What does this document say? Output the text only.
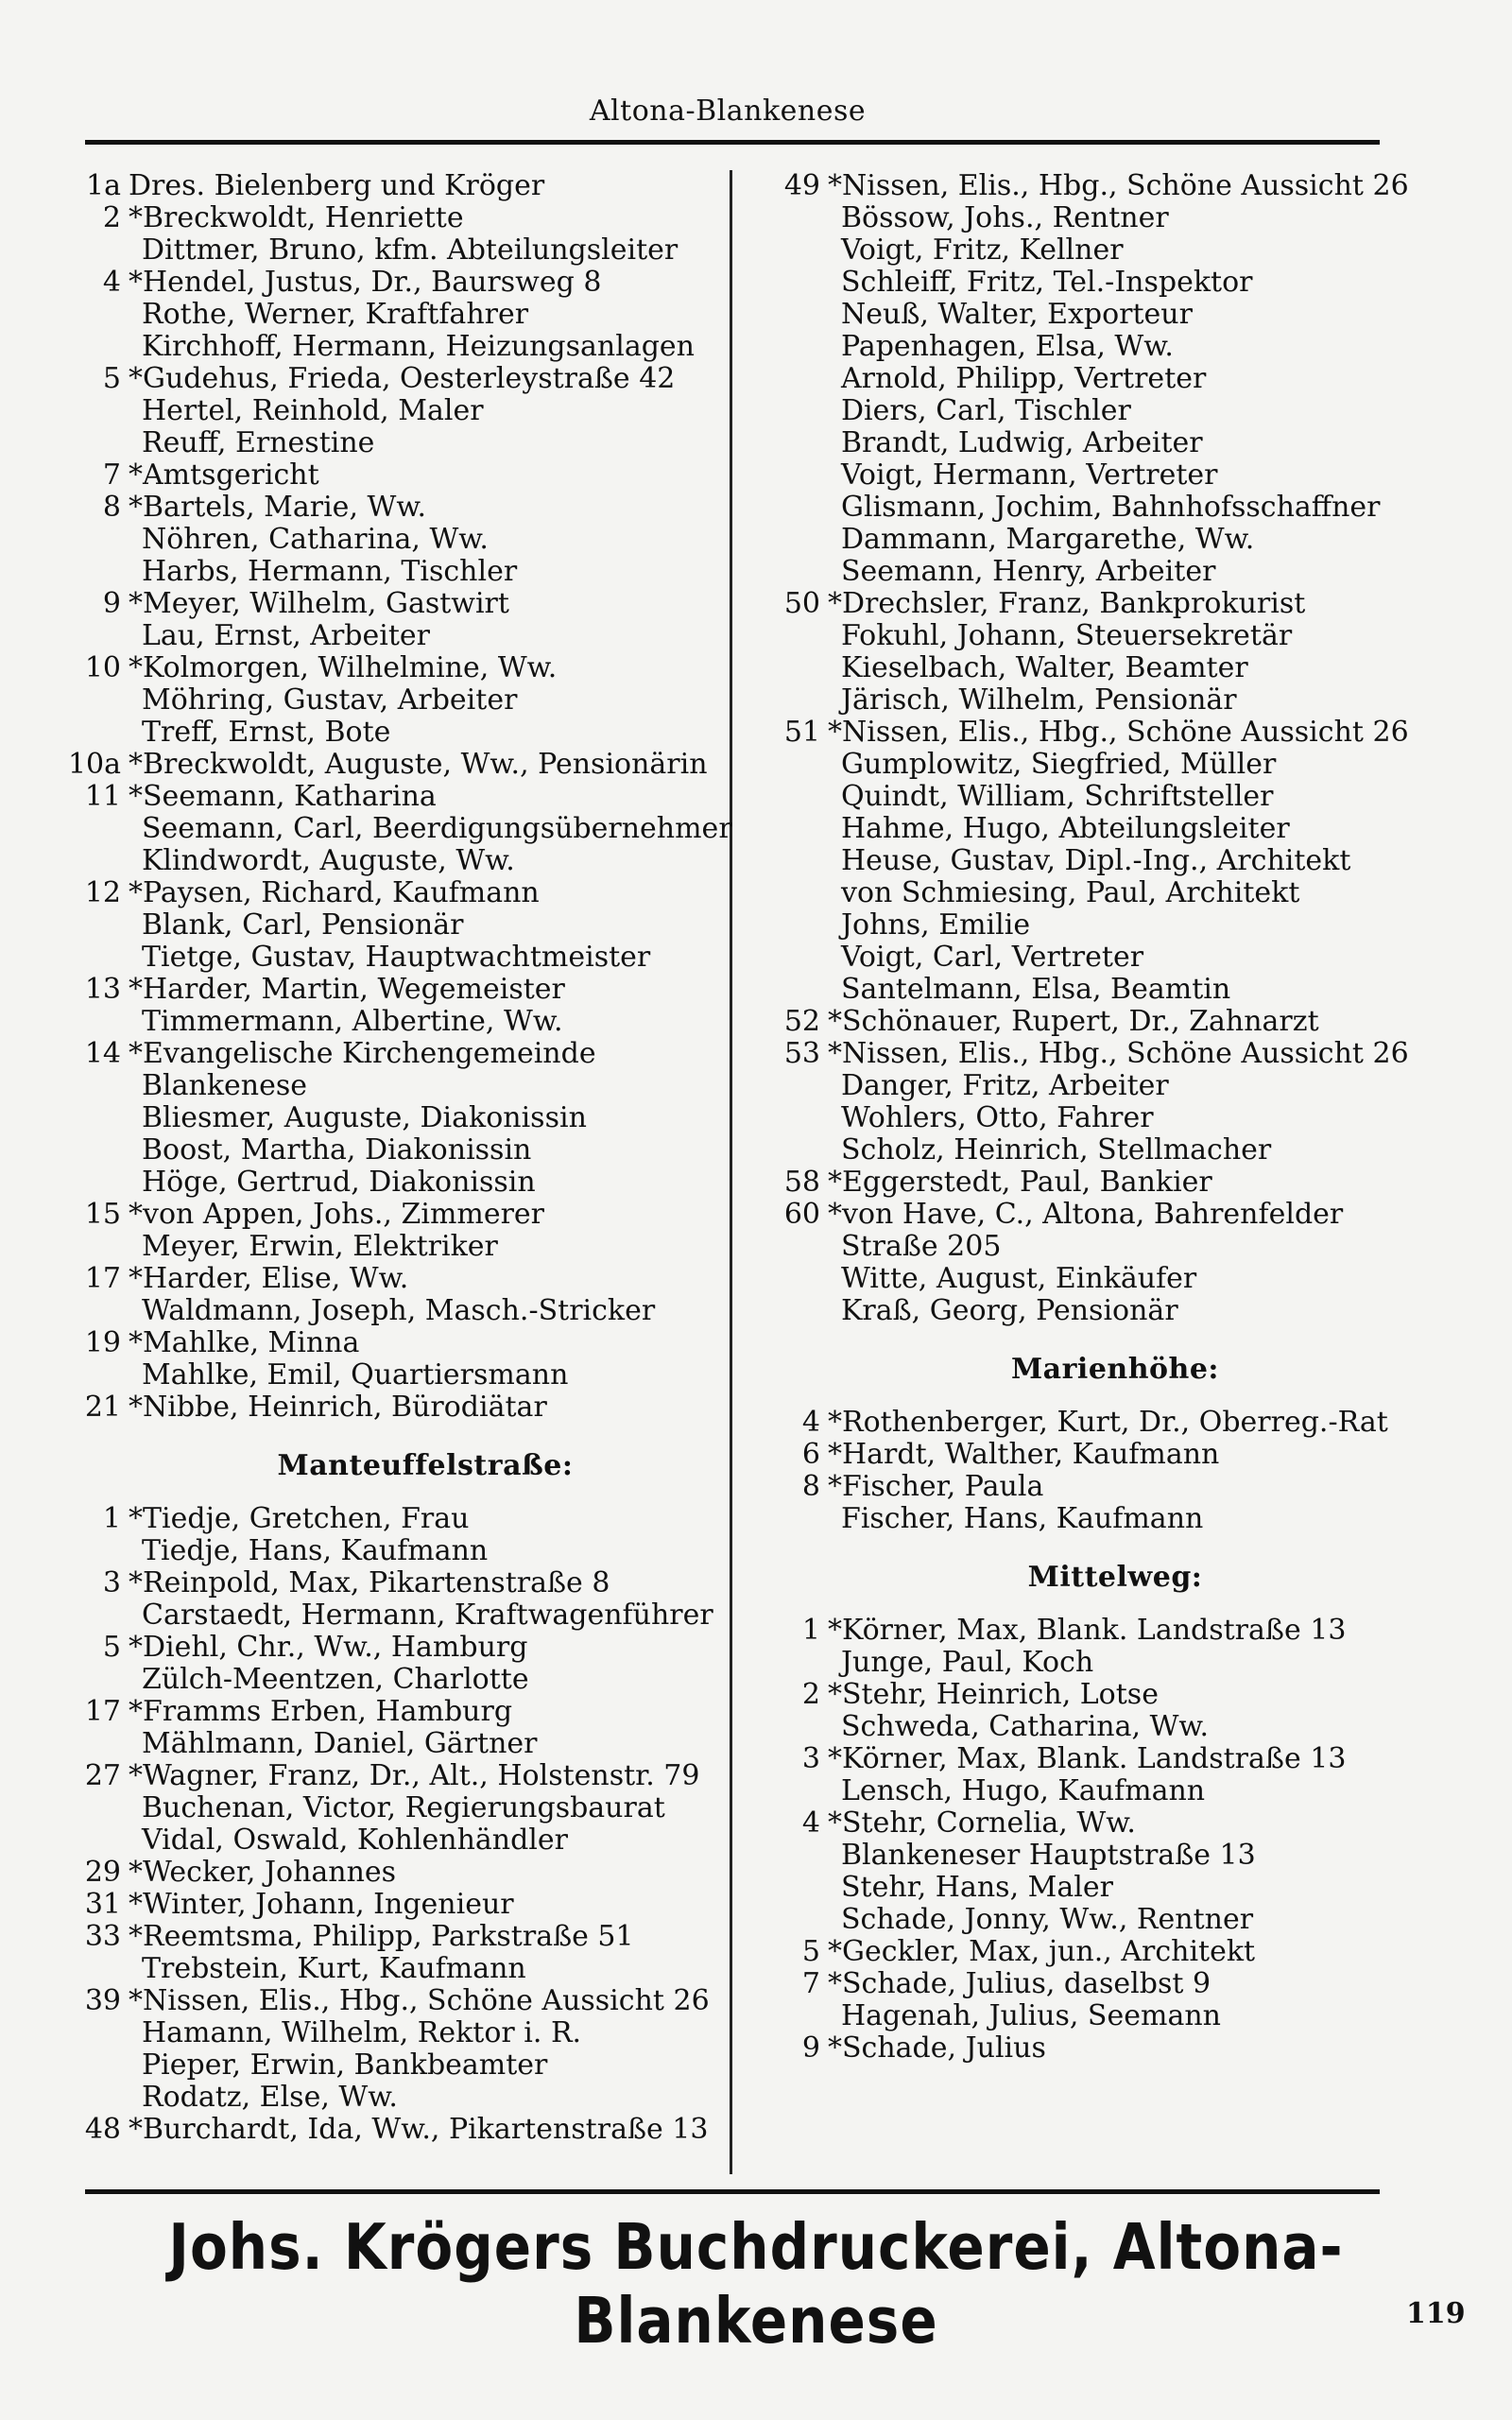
Altona-Blankenese
1a Dres. Bielenberg und Kröger
2 *Breckwoldt, Henriette
Dittmer, Bruno, kfm. Abteilungsleiter
4 *Hendel, Justus, Dr., Baursweg 8
Rothe, Werner, Kraftfahrer
Kirchhoff, Hermann, Heizungsanlagen
5 *Gudehus, Frieda, Oesterleystraße 42
Hertel, Reinhold, Maler
Reuff, Ernestine
7 *Amtsgericht
8 *Bartels, Marie, Ww.
Nöhren, Catharina, Ww.
Harbs, Hermann, Tischler
9 *Meyer, Wilhelm, Gastwirt
Lau, Ernst, Arbeiter
10 *Kolmorgen, Wilhelmine, Ww.
Möhring, Gustav, Arbeiter
Treff, Ernst, Bote
10a *Breckwoldt, Auguste, Ww., Pensionärin
11 *Seemann, Katharina
Seemann, Carl, Beerdigungsübernehmer
Klindwordt, Auguste, Ww.
12 *Paysen, Richard, Kaufmann
Blank, Carl, Pensionär
Tietge, Gustav, Hauptwachtmeister
13 *Harder, Martin, Wegemeister
Timmermann, Albertine, Ww.
14 *Evangelische Kirchengemeinde
Blankenese
Bliesmer, Auguste, Diakonissin
Boost, Martha, Diakonissin
Höge, Gertrud, Diakonissin
15 *von Appen, Johs., Zimmerer
Meyer, Erwin, Elektriker
17 *Harder, Elise, Ww.
Waldmann, Joseph, Masch.-Stricker
19 *Mahlke, Minna
Mahlke, Emil, Quartiersmann
21 *Nibbe, Heinrich, Bürodiätar
Manteuffelstraße:
1 *Tiedje, Gretchen, Frau
Tiedje, Hans, Kaufmann
3 *Reinpold, Max, Pikartenstraße 8
Carstaedt, Hermann, Kraftwagenführer
5 *Diehl, Chr., Ww., Hamburg
Zülch-Meentzen, Charlotte
17 *Framms Erben, Hamburg
Mählmann, Daniel, Gärtner
27 *Wagner, Franz, Dr., Alt., Holstenstr. 79
Buchenan, Victor, Regierungsbaurat
Vidal, Oswald, Kohlenhändler
29 *Wecker, Johannes
31 *Winter, Johann, Ingenieur
33 *Reemtsma, Philipp, Parkstraße 51
Trebstein, Kurt, Kaufmann
39 *Nissen, Elis., Hbg., Schöne Aussicht 26
Hamann, Wilhelm, Rektor i. R.
Pieper, Erwin, Bankbeamter
Rodatz, Else, Ww.
48 *Burchardt, Ida, Ww., Pikartenstraße 13
49 *Nissen, Elis., Hbg., Schöne Aussicht 26
Bössow, Johs., Rentner
Voigt, Fritz, Kellner
Schleiff, Fritz, Tel.-Inspektor
Neuß, Walter, Exporteur
Papenhagen, Elsa, Ww.
Arnold, Philipp, Vertreter
Diers, Carl, Tischler
Brandt, Ludwig, Arbeiter
Voigt, Hermann, Vertreter
Glismann, Jochim, Bahnhofsschaffner
Dammann, Margarethe, Ww.
Seemann, Henry, Arbeiter
50 *Drechsler, Franz, Bankprokurist
Fokuhl, Johann, Steuersekretär
Kieselbach, Walter, Beamter
Järisch, Wilhelm, Pensionär
51 *Nissen, Elis., Hbg., Schöne Aussicht 26
Gumplowitz, Siegfried, Müller
Quindt, William, Schriftsteller
Hahme, Hugo, Abteilungsleiter
Heuse, Gustav, Dipl.-Ing., Architekt
von Schmiesing, Paul, Architekt
Johns, Emilie
Voigt, Carl, Vertreter
Santelmann, Elsa, Beamtin
52 *Schönauer, Rupert, Dr., Zahnarzt
53 *Nissen, Elis., Hbg., Schöne Aussicht 26
Danger, Fritz, Arbeiter
Wohlers, Otto, Fahrer
Scholz, Heinrich, Stellmacher
58 *Eggerstedt, Paul, Bankier
60 *von Have, C., Altona, Bahrenfelder
Straße 205
Witte, August, Einkäufer
Kraß, Georg, Pensionär
Marienhöhe:
4 *Rothenberger, Kurt, Dr., Oberreg.-Rat
6 *Hardt, Walther, Kaufmann
8 *Fischer, Paula
Fischer, Hans, Kaufmann
Mittelweg:
1 *Körner, Max, Blank. Landstraße 13
Junge, Paul, Koch
2 *Stehr, Heinrich, Lotse
Schweda, Catharina, Ww.
3 *Körner, Max, Blank. Landstraße 13
Lensch, Hugo, Kaufmann
4 *Stehr, Cornelia, Ww.
Blankeneser Hauptstraße 13
Stehr, Hans, Maler
Schade, Jonny, Ww., Rentner
5 *Geckler, Max, jun., Architekt
7 *Schade, Julius, daselbst 9
Hagenah, Julius, Seemann
9 *Schade, Julius
Johs. Krögers Buchdruckerei, Altona-Blankenese	119
